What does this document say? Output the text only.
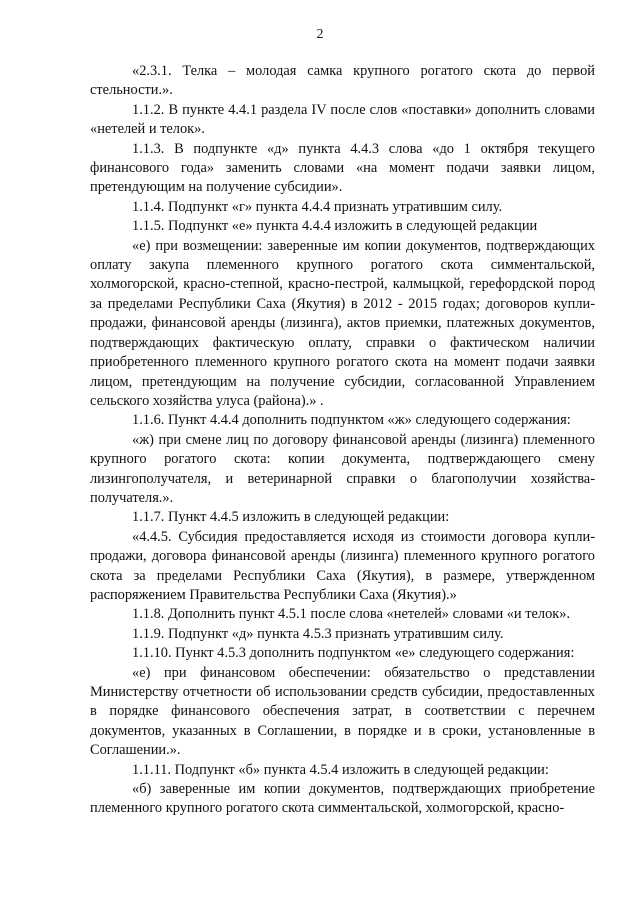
2

«2.3.1. Телка – молодая самка крупного рогатого скота до первой стельности.».

1.1.2. В пункте 4.4.1 раздела IV после слов «поставки» дополнить словами «нетелей и телок».

1.1.3. В подпункте «д» пункта 4.4.3 слова «до 1 октября текущего финансового года» заменить словами «на момент подачи заявки лицом, претендующим на получение субсидии».

1.1.4. Подпункт «г» пункта 4.4.4 признать утратившим силу.

1.1.5. Подпункт «е» пункта 4.4.4 изложить в следующей редакции

«е) при возмещении: заверенные им копии документов, подтверждающих оплату закупа племенного крупного рогатого скота симментальской, холмогорской, красно-степной, красно-пестрой, калмыцкой, герефордской пород за пределами Республики Саха (Якутия) в 2012 - 2015 годах; договоров купли-продажи, финансовой аренды (лизинга), актов приемки, платежных документов, подтверждающих фактическую оплату, справки о фактическом наличии приобретенного племенного крупного рогатого скота на момент подачи заявки лицом, претендующим на получение субсидии, согласованной Управлением сельского хозяйства улуса (района).» .

1.1.6. Пункт 4.4.4 дополнить подпунктом «ж» следующего содержания:

«ж) при смене лиц по договору финансовой аренды (лизинга) племенного крупного рогатого скота: копии документа, подтверждающего смену лизингополучателя, и ветеринарной справки о благополучии хозяйства-получателя.».

1.1.7. Пункт 4.4.5 изложить в следующей редакции:

«4.4.5. Субсидия предоставляется исходя из стоимости договора купли-продажи, договора финансовой аренды (лизинга) племенного крупного рогатого скота за пределами Республики Саха (Якутия), в размере, утвержденном распоряжением Правительства Республики Саха (Якутия).»

1.1.8. Дополнить пункт 4.5.1 после слова «нетелей» словами «и телок».

1.1.9. Подпункт «д» пункта 4.5.3 признать утратившим силу.

1.1.10. Пункт 4.5.3 дополнить подпунктом «е» следующего содержания:

«е) при финансовом обеспечении: обязательство о представлении Министерству отчетности об использовании средств субсидии, предоставленных в порядке финансового обеспечения затрат, в соответствии с перечнем документов, указанных в Соглашении, в порядке и в сроки, установленные в Соглашении.».

1.1.11. Подпункт «б» пункта 4.5.4 изложить в следующей редакции:

«б) заверенные им копии документов, подтверждающих приобретение племенного крупного рогатого скота симментальской, холмогорской, красно-
